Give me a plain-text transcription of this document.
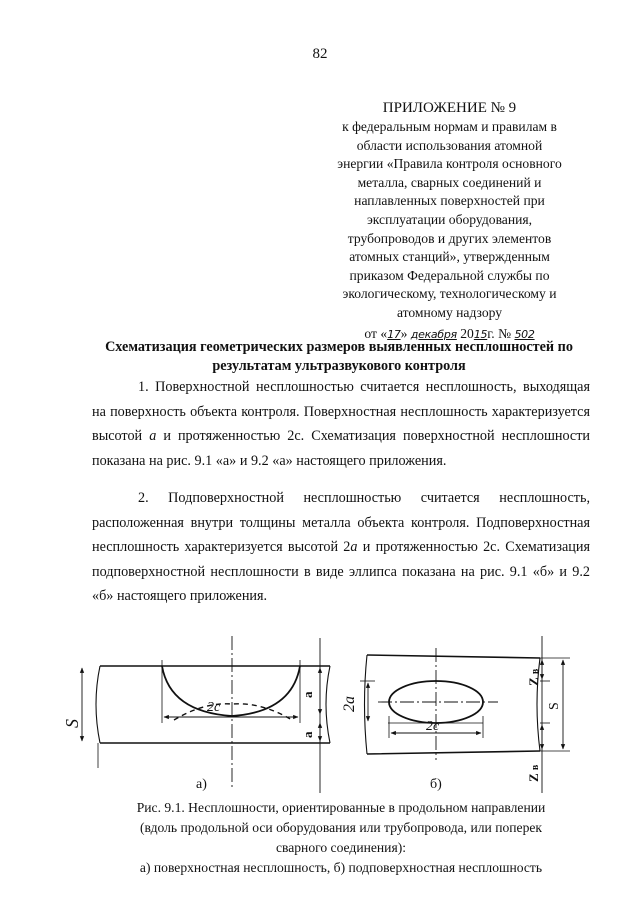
82
ПРИЛОЖЕНИЕ № 9
к федеральным нормам и правилам в
области использования атомной
энергии «Правила контроля основного
металла, сварных соединений и
наплавленных поверхностей при
эксплуатации оборудования,
трубопроводов и других элементов
атомных станций», утвержденным
приказом Федеральной службы по
экологическому, технологическому и
атомному надзору
от «17» декабря 2015г. № 502
Схематизация геометрических размеров выявленных несплошностей по результатам ультразвукового контроля
1. Поверхностной несплошностью считается несплошность, выходящая на поверхность объекта контроля. Поверхностная несплошность характеризуется высотой a и протяженностью 2c. Схематизация поверхностной несплошности показана на рис. 9.1 «а» и 9.2 «а» настоящего приложения.
2. Подповерхностной несплошностью считается несплошность, расположенная внутри толщины металла объекта контроля. Подповерхностная несплошность характеризуется высотой 2a и протяженностью 2c. Схематизация подповерхностной несплошности в виде эллипса показана на рис. 9.1 «б» и 9.2 «б» настоящего приложения.
2c
a
a
S
2a
2c
S
Z в
Z в
а)	б)
Рис. 9.1. Несплошности, ориентированные в продольном направлении
(вдоль продольной оси оборудования или трубопровода, или поперек
сварного соединения):
а) поверхностная несплошность, б) подповерхностная несплошность
